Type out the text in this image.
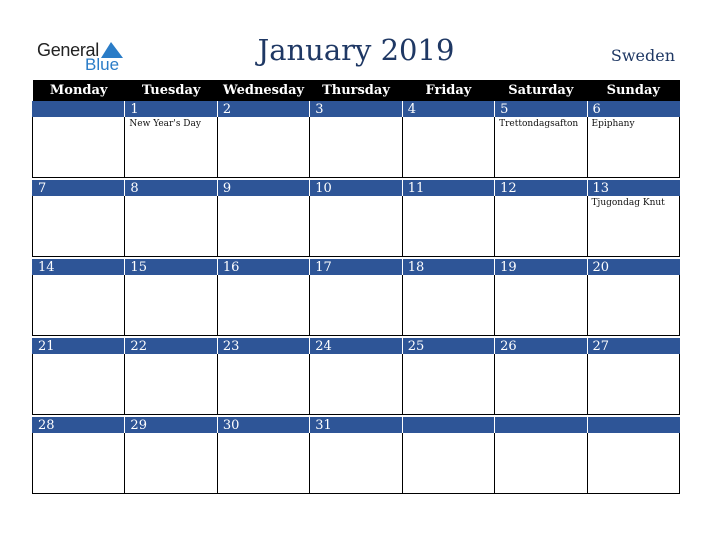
General
Blue	January 2019	Sweden
Monday	Tuesday	Wednesday	Thursday	Friday	Saturday	Sunday
	1	2	3	4	5	6

	New Year's Day				Trettondagsafton	Epiphany

7	8	9	10	11	12	13

						Tjugondag Knut

14	15	16	17	18	19	20

21	22	23	24	25	26	27

28	29	30	31			
